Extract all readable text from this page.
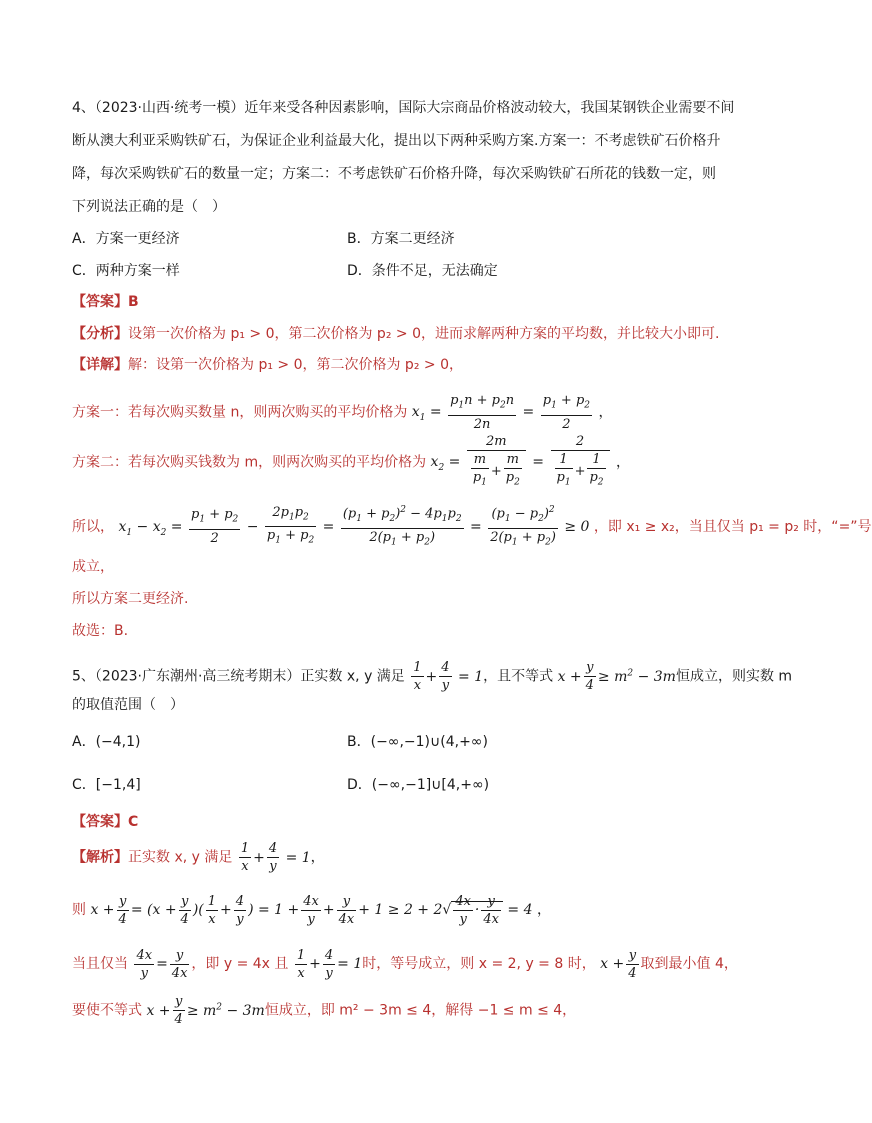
4、（2023·山西·统考一模）近年来受各种因素影响，国际大宗商品价格波动较大，我国某钢铁企业需要不间
断从澳大利亚采购铁矿石，为保证企业利益最大化，提出以下两种采购方案.方案一：不考虑铁矿石价格升
降，每次采购铁矿石的数量一定；方案二：不考虑铁矿石价格升降，每次采购铁矿石所花的钱数一定，则
下列说法正确的是（　）
A．方案一更经济	B．方案二更经济
C．两种方案一样	D．条件不足，无法确定
【答案】B
【分析】设第一次价格为 p₁ > 0，第二次价格为 p₂ > 0，进而求解两种方案的平均数，并比较大小即可.
【详解】解：设第一次价格为 p₁ > 0，第二次价格为 p₂ > 0，
方案一：若每次购买数量 n，则两次购买的平均价格为 $x_1 = \frac{p_1n + p_2n}{2n} = \frac{p_1 + p_2}{2}$ ，
方案二：若每次购买钱数为 m，则两次购买的平均价格为 $x_2 = \frac{2m}{\frac{m}{p_1} + \frac{m}{p_2}} = \frac{2}{\frac{1}{p_1} + \frac{1}{p_2}}$ ，
所以， $x_1 - x_2 = \frac{p_1 + p_2}{2} - \frac{2p_1p_2}{p_1 + p_2} = \frac{(p_1 + p_2)^2 - 4p_1p_2}{2(p_1 + p_2)} = \frac{(p_1 - p_2)^2}{2(p_1 + p_2)} \ge 0$ ，即 x₁ ≥ x₂，当且仅当 p₁ = p₂ 时，“=”号
成立，
所以方案二更经济.
故选：B.
5、（2023·广东潮州·高三统考期末）正实数 x, y 满足 $\frac{1}{x} + \frac{4}{y} = 1$，且不等式 $x + \frac{y}{4} \ge m^2 - 3m$恒成立，则实数 m
的取值范围（　）
A．(−4,1)	B．(−∞,−1)∪(4,+∞)
C．[−1,4]	D．(−∞,−1]∪[4,+∞)
【答案】C
【解析】正实数 x, y 满足 $\frac{1}{x} + \frac{4}{y} = 1$，
则 $x + \frac{y}{4} = (x + \frac{y}{4}$ )( $\frac{1}{x} + \frac{4}{y}$ ) = $1 + \frac{4x}{y} + \frac{y}{4x} + 1 \ge 2 + 2√ \frac{4x}{y} \cdot \frac{y}{4x} = 4$ ，
当且仅当 $\frac{4x}{y} = \frac{y}{4x}$ ，即 y = 4x 且 $\frac{1}{x} + \frac{4}{y} = 1$时，等号成立，则 x = 2, y = 8 时， $x + \frac{y}{4}$ 取到最小值 4，
要使不等式 $x + \frac{y}{4} \ge m^2 - 3m$恒成立，即 m² − 3m ≤ 4，解得 −1 ≤ m ≤ 4，
